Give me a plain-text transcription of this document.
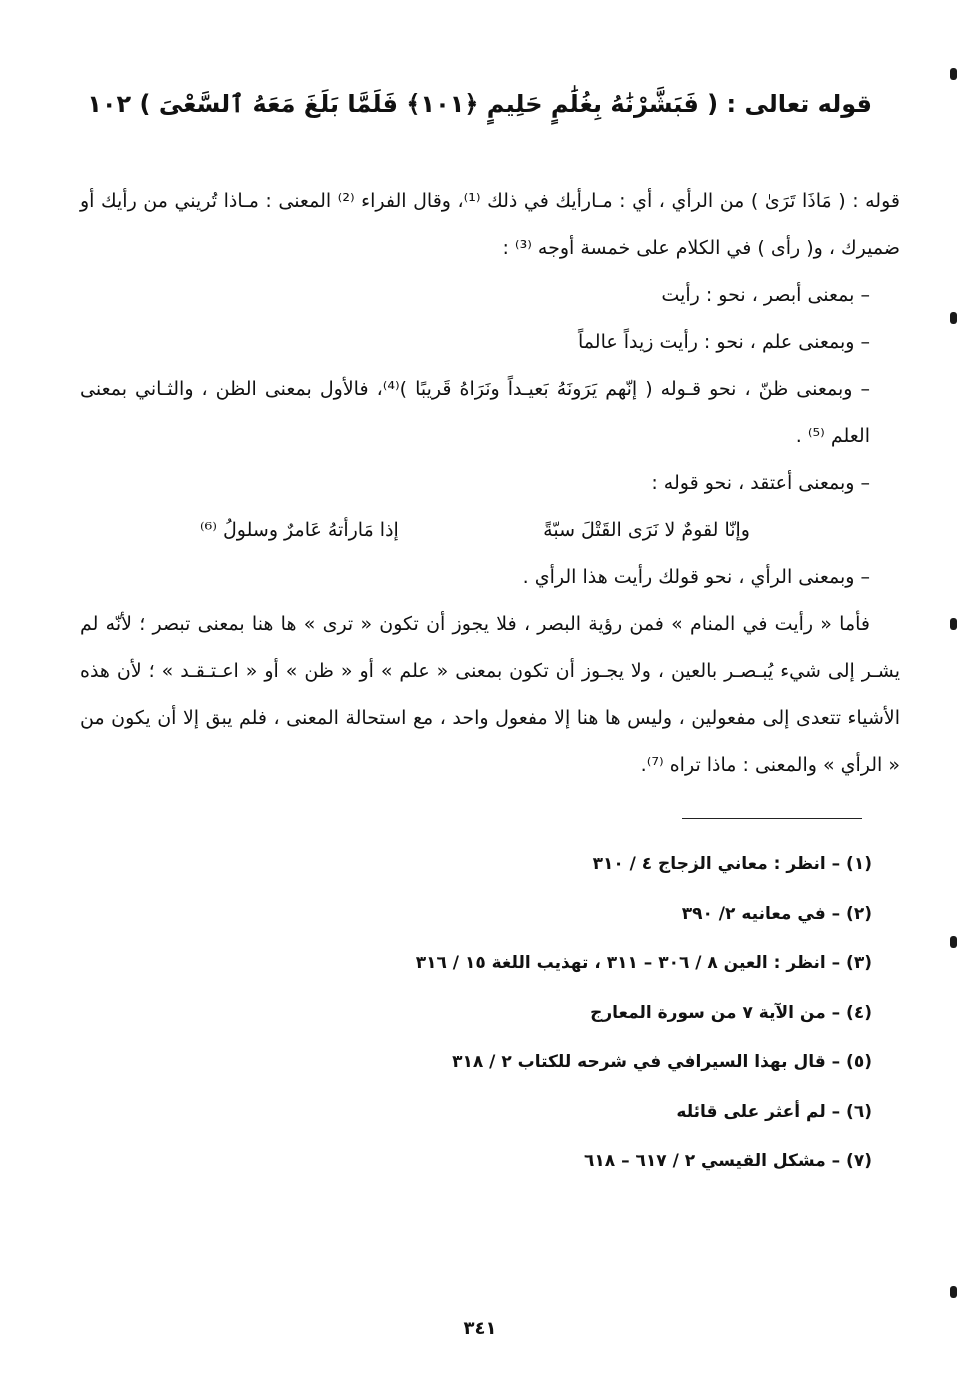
قوله تعالى : ( فَبَشَّرْنَٰهُ بِغُلَٰمٍ حَلِيمٍ ﴿١٠١﴾ فَلَمَّا بَلَغَ مَعَهُ ٱلسَّعْىَ ) ١٠٢

قوله : ( مَاذَا تَرَىٰ ) من الرأي ، أي : مـارأيك في ذلك ⁽¹⁾، وقال الفراء ⁽²⁾ المعنى : مـاذا تُريني من رأيك أو ضميرك ، و( رأى ) في الكلام على خمسة أوجه ⁽³⁾ :

– بمعنى أبصر ، نحو : رأيت

– وبمعنى علم ، نحو : رأيت زيداً عالماً

– وبمعنى ظنّ ، نحو قـوله ( إنّهم يَرَونَهُ بَعيـداً ونَرَاهُ قَريبًا )⁽⁴⁾، فالأول بمعنى الظن ، والثـاني بمعنى العلم ⁽⁵⁾ .

– وبمعنى أعتقد ، نحو قوله :

وإنّا لقومٌ لا نَرَى القَتْلَ سبّةً
إذا مَارأتهُ عَامرٌ وسلولُ ⁽⁶⁾

– وبمعنى الرأي ، نحو قولك رأيت هذا الرأي .

فأما « رأيت في المنام » فمن رؤية البصر ، فلا يجوز أن تكون « ترى » ها هنا بمعنى تبصر ؛ لأنّه لم يشـر إلى شيء يُبـصـر بالعين ، ولا يجـوز أن تكون بمعنى « علم » أو « ظن » أو « اعـتـقـد » ؛ لأن هذه الأشياء تتعدى إلى مفعولين ، وليس ها هنا إلا مفعول واحد ، مع استحالة المعنى ، فلم يبق إلا أن يكون من « الرأي » والمعنى : ماذا تراه ⁽⁷⁾.

(١) – انظر : معاني الزجاج ٤ / ٣١٠
(٢) – في معانيه ٢/ ٣٩٠
(٣) – انظر : العين ٨ / ٣٠٦ – ٣١١ ، تهذيب اللغة ١٥ / ٣١٦
(٤) – من الآية ٧ من سورة المعارج
(٥) – قال بهذا السيرافي في شرحه للكتاب ٢ / ٣١٨
(٦) – لم أعثر على قائله
(٧) – مشكل القيسي ٢ / ٦١٧ – ٦١٨
٣٤١
